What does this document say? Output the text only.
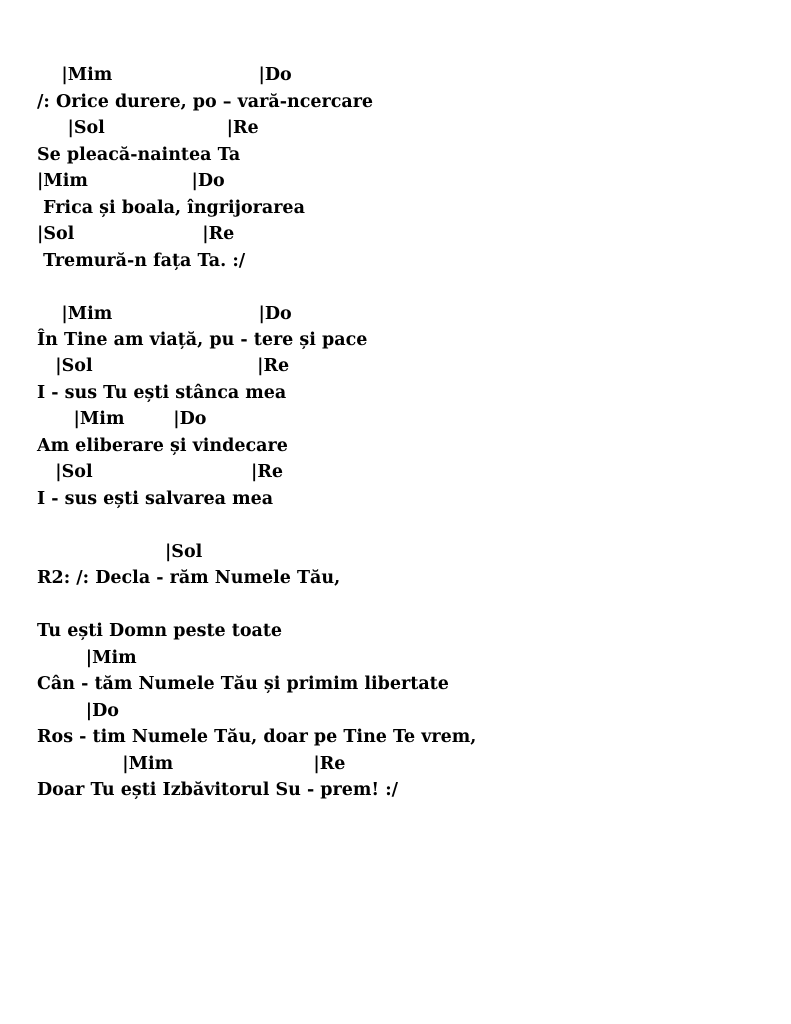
|Mim                        |Do
/: Orice durere, po – vară-ncercare
|Sol                    |Re
Se pleacă-naintea Ta
|Mim                 |Do
Frica și boala, îngrijorarea
|Sol                     |Re
Tremură-n fața Ta. :/
|Mim                        |Do
În Tine am viață, pu - tere și pace
|Sol                           |Re
I - sus Tu ești stânca mea
|Mim        |Do
Am eliberare și vindecare
|Sol                          |Re
I - sus ești salvarea mea
|Sol
R2: /: Decla - răm Numele Tău,
Tu ești Domn peste toate
|Mim
Cân - tăm Numele Tău și primim libertate
|Do
Ros - tim Numele Tău, doar pe Tine Te vrem,
|Mim                       |Re
Doar Tu ești Izbăvitorul Su - prem! :/
